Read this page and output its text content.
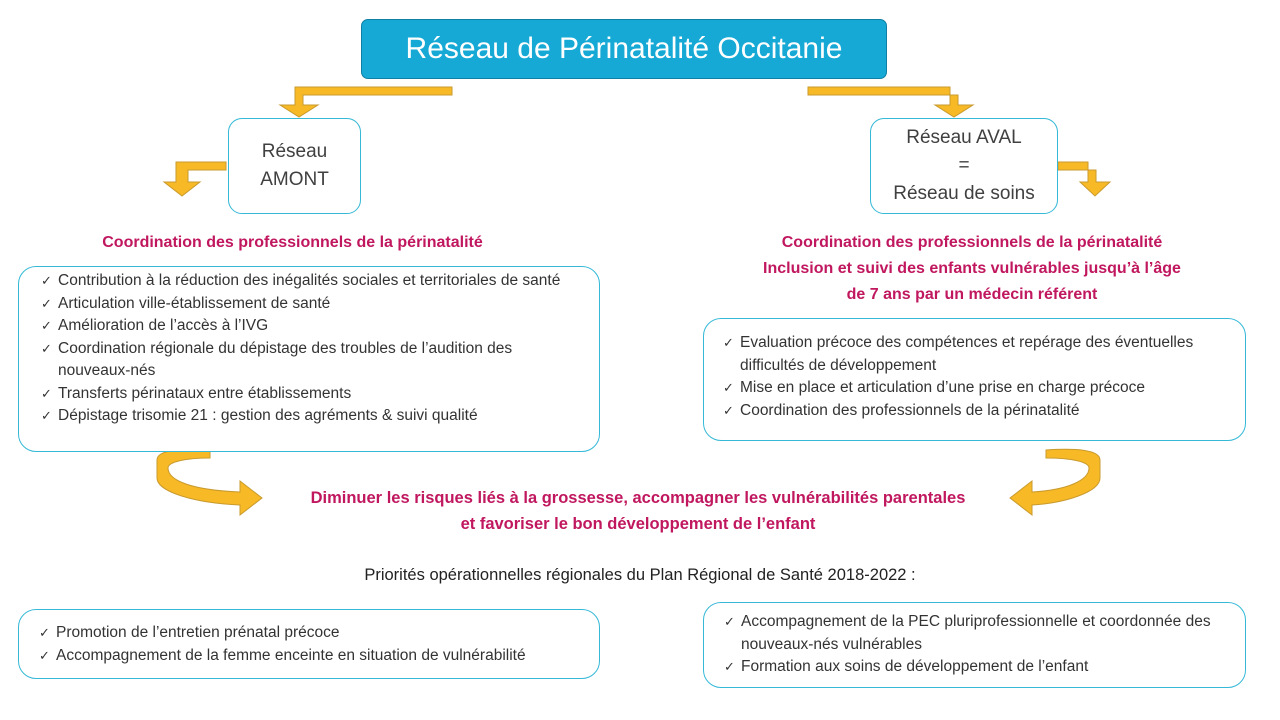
Réseau de Périnatalité Occitanie
Réseau
AMONT
Réseau AVAL
=
Réseau de soins
Coordination des professionnels de la périnatalité	Coordination des professionnels de la périnatalité
Inclusion et suivi des enfants vulnérables jusqu’à l’âge
de 7 ans par un médecin référent
✓ Contribution à la réduction des inégalités sociales et territoriales de santé
✓ Articulation ville-établissement de santé
✓ Amélioration de l’accès à l’IVG
✓ Coordination régionale du dépistage des troubles de l’audition des nouveaux-nés
✓ Transferts périnataux entre établissements
✓ Dépistage trisomie 21 : gestion des agréments & suivi qualité
✓ Evaluation précoce des compétences et repérage des éventuelles difficultés de développement
✓ Mise en place et articulation d’une prise en charge précoce
✓ Coordination des professionnels de la périnatalité
Diminuer les risques liés à la grossesse, accompagner les vulnérabilités parentales
et favoriser le bon développement de l’enfant
Priorités opérationnelles régionales du Plan Régional de Santé 2018-2022 :
✓ Promotion de l’entretien prénatal précoce
✓ Accompagnement de la femme enceinte en situation de vulnérabilité
✓ Accompagnement de la PEC pluriprofessionnelle et coordonnée des nouveaux-nés vulnérables
✓ Formation aux soins de développement de l’enfant
